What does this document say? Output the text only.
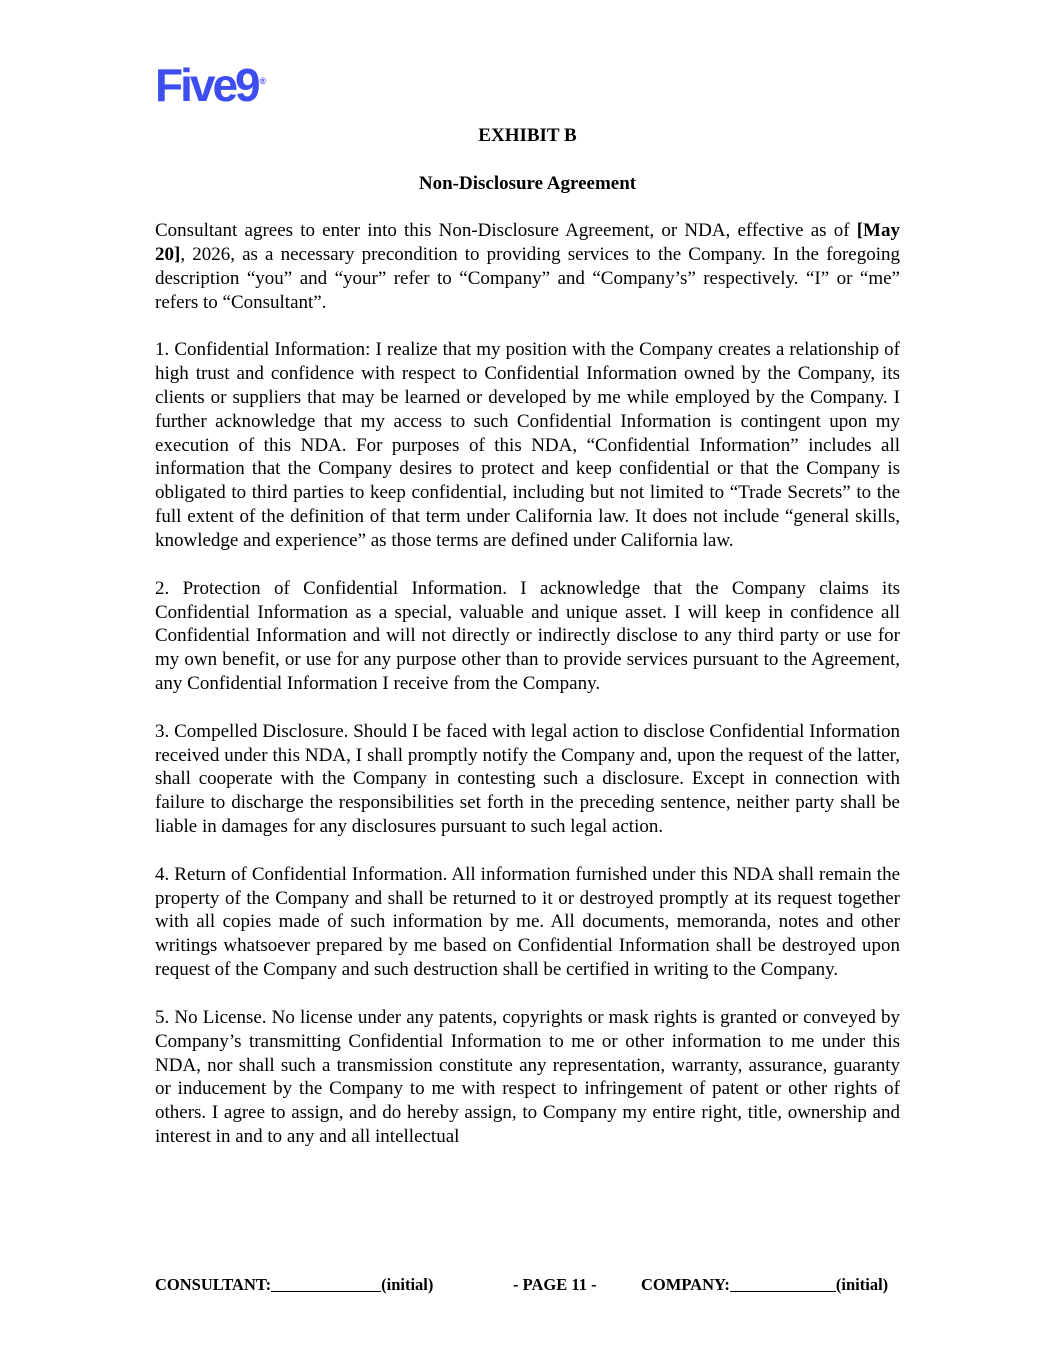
Five9 ®
EXHIBIT B
Non-Disclosure Agreement

Consultant agrees to enter into this Non-Disclosure Agreement, or NDA, effective as of [May 20], 2026, as a necessary precondition to providing services to the Company. In the foregoing description “you” and “your” refer to “Company” and “Company’s” respectively. “I” or “me” refers to “Consultant”.

1. Confidential Information: I realize that my position with the Company creates a relationship of high trust and confidence with respect to Confidential Information owned by the Company, its clients or suppliers that may be learned or developed by me while employed by the Company. I further acknowledge that my access to such Confidential Information is contingent upon my execution of this NDA. For purposes of this NDA, “Confidential Information” includes all information that the Company desires to protect and keep confidential or that the Company is obligated to third parties to keep confidential, including but not limited to “Trade Secrets” to the full extent of the definition of that term under California law. It does not include “general skills, knowledge and experience” as those terms are defined under California law.

2. Protection of Confidential Information. I acknowledge that the Company claims its Confidential Information as a special, valuable and unique asset. I will keep in confidence all Confidential Information and will not directly or indirectly disclose to any third party or use for my own benefit, or use for any purpose other than to provide services pursuant to the Agreement, any Confidential Information I receive from the Company.

3. Compelled Disclosure. Should I be faced with legal action to disclose Confidential Information received under this NDA, I shall promptly notify the Company and, upon the request of the latter, shall cooperate with the Company in contesting such a disclosure. Except in connection with failure to discharge the responsibilities set forth in the preceding sentence, neither party shall be liable in damages for any disclosures pursuant to such legal action.

4. Return of Confidential Information. All information furnished under this NDA shall remain the property of the Company and shall be returned to it or destroyed promptly at its request together with all copies made of such information by me. All documents, memoranda, notes and other writings whatsoever prepared by me based on Confidential Information shall be destroyed upon request of the Company and such destruction shall be certified in writing to the Company.

5. No License. No license under any patents, copyrights or mask rights is granted or conveyed by Company’s transmitting Confidential Information to me or other information to me under this NDA, nor shall such a transmission constitute any representation, warranty, assurance, guaranty or inducement by the Company to me with respect to infringement of patent or other rights of others. I agree to assign, and do hereby assign, to Company my entire right, title, ownership and interest in and to any and all intellectual

CONSULTANT:	(initial)	- PAGE 11 -	COMPANY:	(initial)
